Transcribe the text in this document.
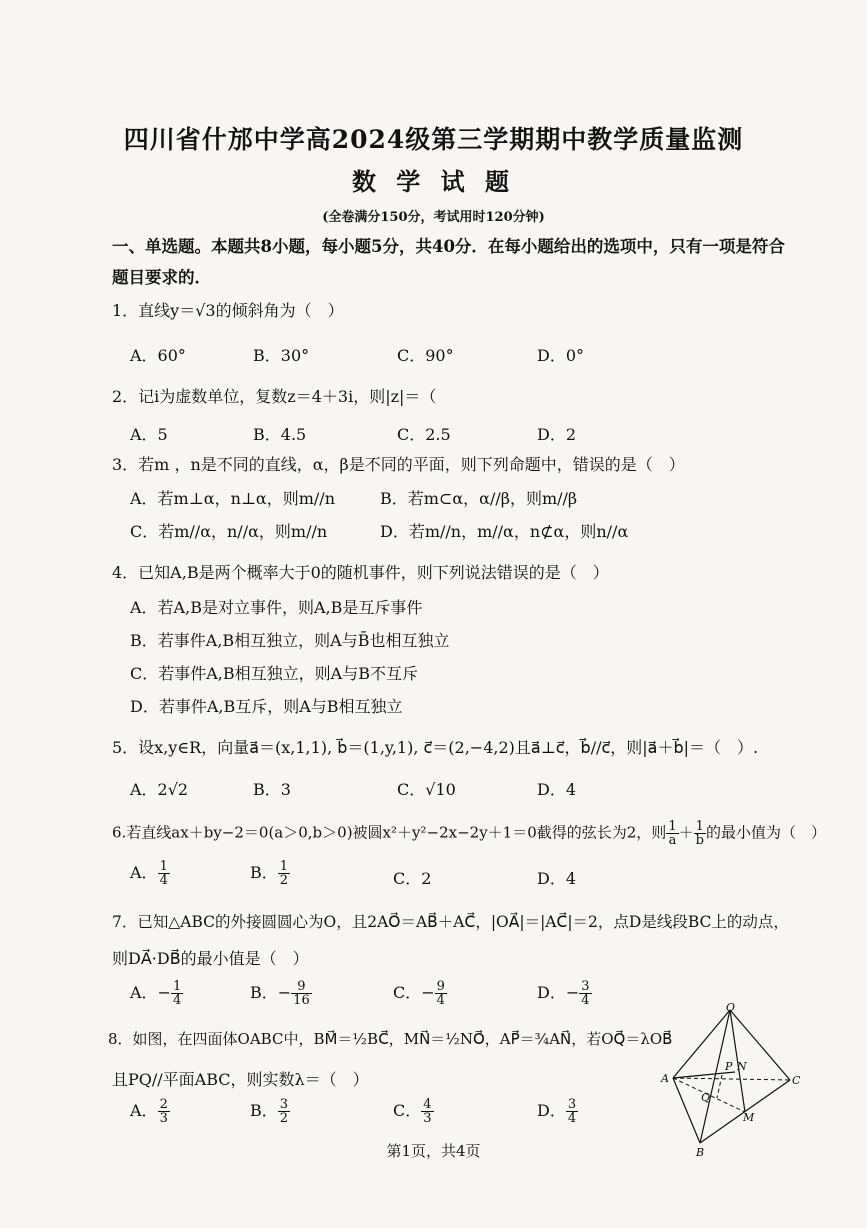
四川省什邡中学高2024级第三学期期中教学质量监测
数 学 试 题
(全卷满分150分，考试用时120分钟)
一、单选题。本题共8小题，每小题5分，共40分．在每小题给出的选项中，只有一项是符合
题目要求的．
1．直线y＝√3的倾斜角为（　）
A．60°	B．30°	C．90°	D．0°
2．记i为虚数单位，复数z＝4＋3i，则|z|＝（
A．5	B．4.5	C．2.5	D．2
3．若m ，n是不同的直线，α，β是不同的平面，则下列命题中，错误的是（　）
A．若m⊥α，n⊥α，则m//n	B．若m⊂α，α//β，则m//β
C．若m//α，n//α，则m//n	D．若m//n，m//α，n⊄α，则n//α
4．已知A,B是两个概率大于0的随机事件，则下列说法错误的是（　）
A．若A,B是对立事件，则A,B是互斥事件
B．若事件A,B相互独立，则A与B̄也相互独立
C．若事件A,B相互独立，则A与B不互斥
D．若事件A,B互斥，则A与B相互独立
5．设x,y∈R，向量a⃗＝(x,1,1), b⃗＝(1,y,1), c⃗＝(2,−4,2)且a⃗⊥c⃗，b⃗//c⃗，则|a⃗＋b⃗|＝（　）.
A．2√2	B．3	C．√10	D．4
6.若直线ax＋by−2＝0(a＞0,b＞0)被圆x²＋y²−2x−2y＋1＝0截得的弦长为2，则 $\frac{1}{a} + \frac{1}{b}$ 的最小值为（　）
A． $\frac{1}{4}$	B． $\frac{1}{2}$	C．2	D．4
7．已知△ABC的外接圆圆心为O，且2AO⃗＝AB⃗＋AC⃗，|OA⃗|＝|AC⃗|＝2，点D是线段BC上的动点，
则DA⃗·DB⃗的最小值是（　）
A．− $\frac{1}{4}$	B．− $\frac{9}{16}$	C．− $\frac{9}{4}$	D．− $\frac{3}{4}$
8．如图，在四面体OABC中，BM⃗＝½BC⃗，MN⃗＝½NO⃗，AP⃗＝¾AN⃗，若OQ⃗＝λOB⃗
且PQ//平面ABC，则实数λ＝（　）
A． $\frac{2}{3}$	B． $\frac{3}{2}$	C． $\frac{4}{3}$	D． $\frac{3}{4}$
O
A	C
B
P N
Q
M
第1页，共4页
